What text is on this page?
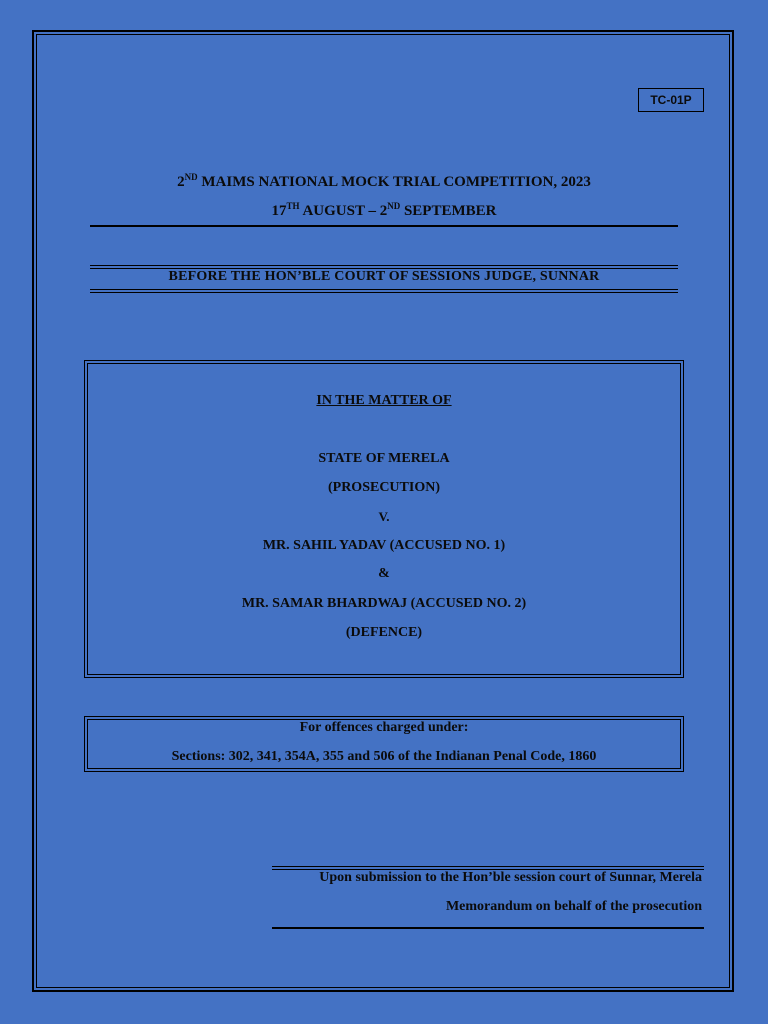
TC-01P
2ND MAIMS NATIONAL MOCK TRIAL COMPETITION, 2023
17TH AUGUST – 2ND SEPTEMBER
BEFORE THE HON’BLE COURT OF SESSIONS JUDGE, SUNNAR
IN THE MATTER OF
STATE OF MERELA
(PROSECUTION)
V.
MR. SAHIL YADAV (ACCUSED NO. 1)
&
MR. SAMAR BHARDWAJ (ACCUSED NO. 2)
(DEFENCE)
For offences charged under:
Sections: 302, 341, 354A, 355 and 506 of the Indianan Penal Code, 1860
Upon submission to the Hon’ble session court of Sunnar, Merela
Memorandum on behalf of the prosecution
